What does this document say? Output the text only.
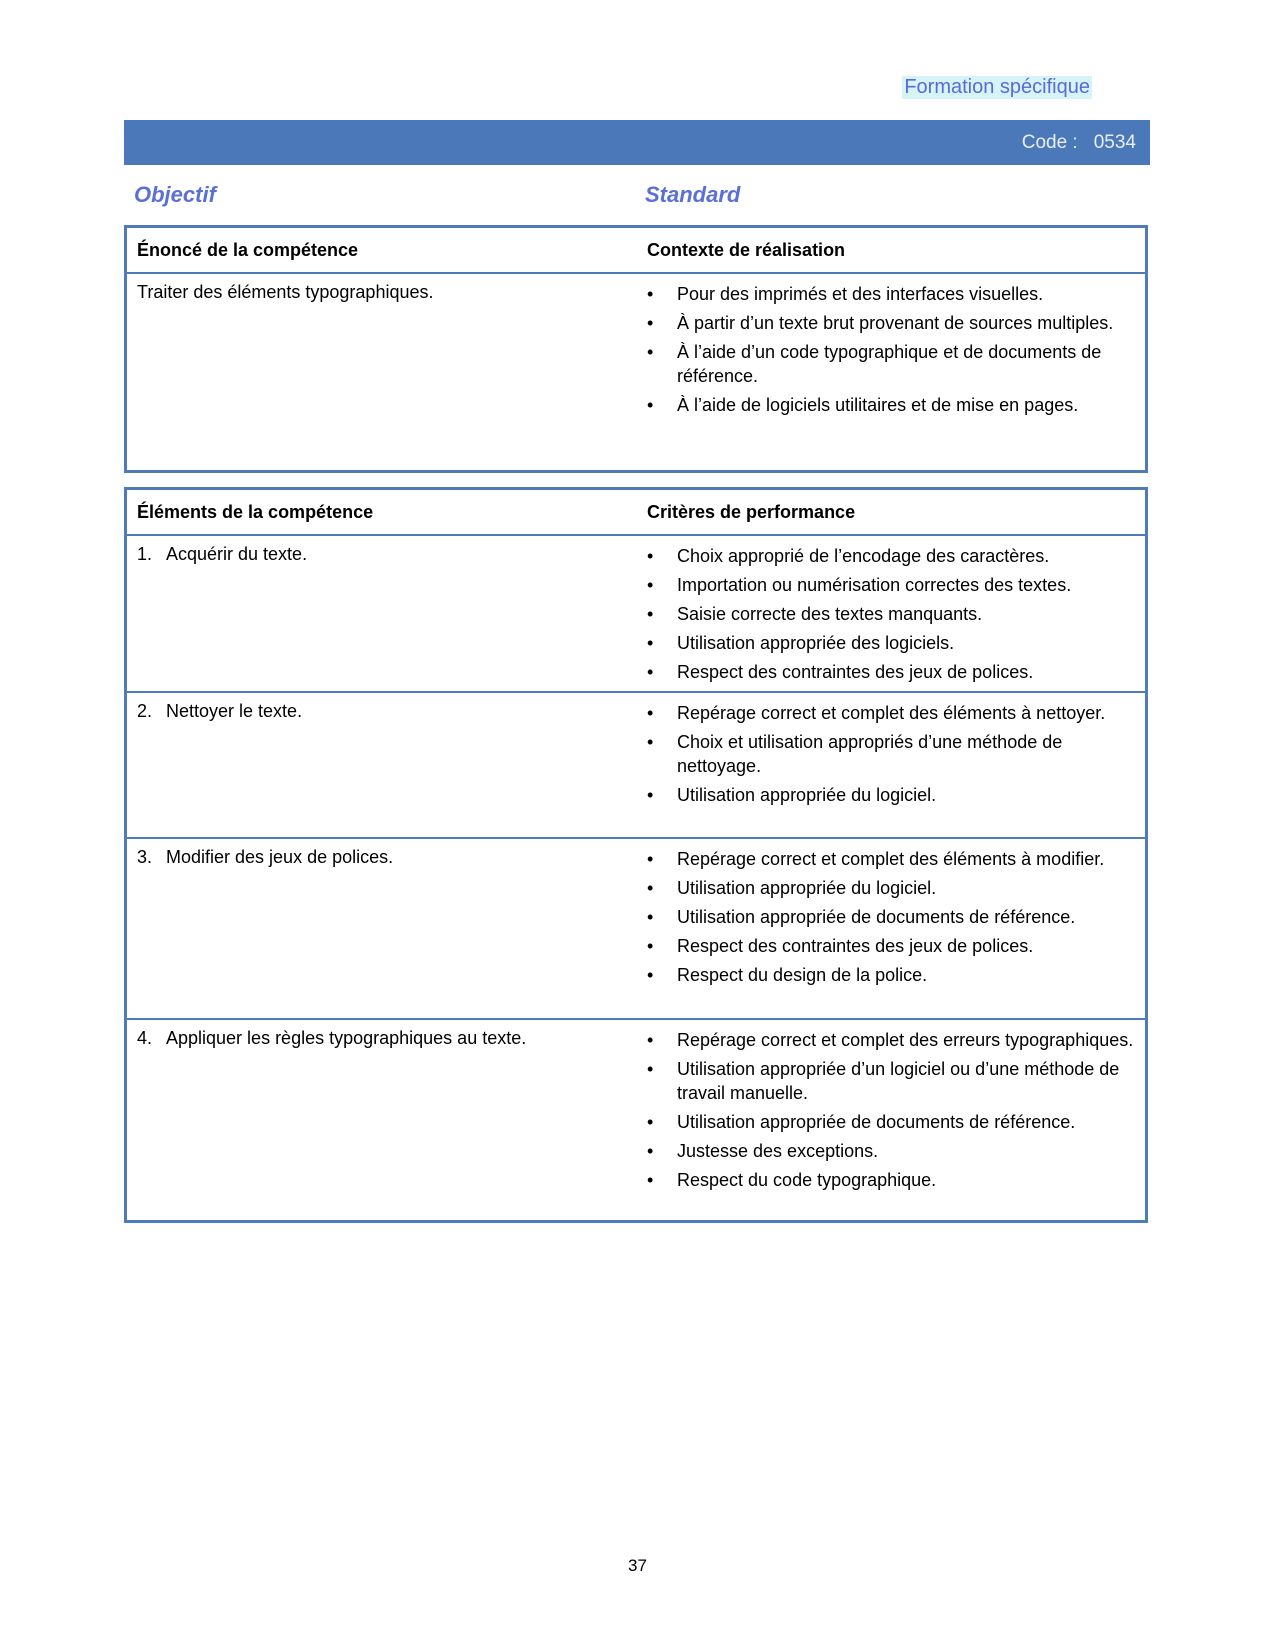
Formation spécifique
Code : 0534
Objectif	Standard
Énoncé de la compétence	Contexte de réalisation
Traiter des éléments typographiques.	• Pour des imprimés et des interfaces visuelles.
• À partir d’un texte brut provenant de sources multiples.
• À l’aide d’un code typographique et de documents de référence.
• À l’aide de logiciels utilitaires et de mise en pages.
Éléments de la compétence	Critères de performance
1. Acquérir du texte.	• Choix approprié de l’encodage des caractères.
• Importation ou numérisation correctes des textes.
• Saisie correcte des textes manquants.
• Utilisation appropriée des logiciels.
• Respect des contraintes des jeux de polices.
2. Nettoyer le texte.	• Repérage correct et complet des éléments à nettoyer.
• Choix et utilisation appropriés d’une méthode de nettoyage.
• Utilisation appropriée du logiciel.
3. Modifier des jeux de polices.	• Repérage correct et complet des éléments à modifier.
• Utilisation appropriée du logiciel.
• Utilisation appropriée de documents de référence.
• Respect des contraintes des jeux de polices.
• Respect du design de la police.
4. Appliquer les règles typographiques au texte.	• Repérage correct et complet des erreurs typographiques.
• Utilisation appropriée d’un logiciel ou d’une méthode de travail manuelle.
• Utilisation appropriée de documents de référence.
• Justesse des exceptions.
• Respect du code typographique.
37
